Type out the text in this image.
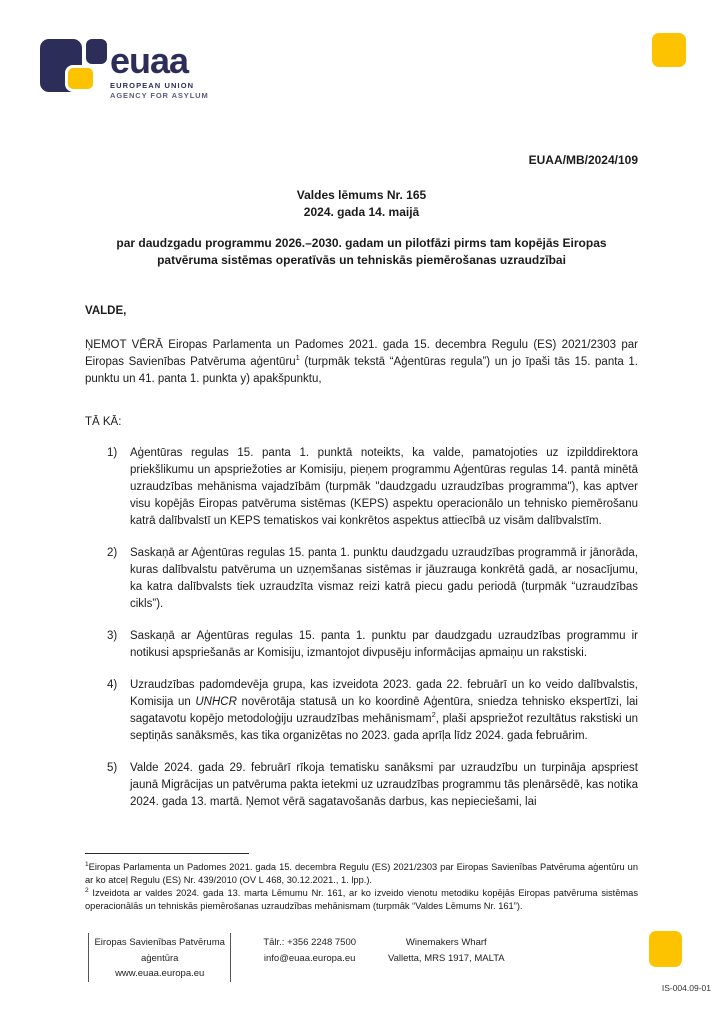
euaa
EUROPEAN UNION
AGENCY FOR ASYLUM

EUAA/MB/2024/109

Valdes lēmums Nr. 165
2024. gada 14. maijā

par daudzgadu programmu 2026.–2030. gadam un pilotfāzi pirms tam kopējās Eiropas patvēruma sistēmas operatīvās un tehniskās piemērošanas uzraudzībai

VALDE,

ŅEMOT VĒRĀ Eiropas Parlamenta un Padomes 2021. gada 15. decembra Regulu (ES) 2021/2303 par Eiropas Savienības Patvēruma aģentūru$^1$ (turpmāk tekstā “Aģentūras regula”) un jo īpaši tās 15. panta 1. punktu un 41. panta 1. punkta y) apakšpunktu,

TĀ KĀ:

1)	Aģentūras regulas 15. panta 1. punktā noteikts, ka valde, pamatojoties uz izpilddirektora priekšlikumu un apspriežoties ar Komisiju, pieņem programmu Aģentūras regulas 14. pantā minētā uzraudzības mehānisma vajadzībām (turpmāk "daudzgadu uzraudzības programma"), kas aptver visu kopējās Eiropas patvēruma sistēmas (KEPS) aspektu operacionālo un tehnisko piemērošanu katrā dalībvalstī un KEPS tematiskos vai konkrētos aspektus attiecībā uz visām dalībvalstīm.
2)	Saskaņā ar Aģentūras regulas 15. panta 1. punktu daudzgadu uzraudzības programmā ir jānorāda, kuras dalībvalstu patvēruma un uzņemšanas sistēmas ir jāuzrauga konkrētā gadā, ar nosacījumu, ka katra dalībvalsts tiek uzraudzīta vismaz reizi katrā piecu gadu periodā (turpmāk “uzraudzības cikls”).
3)	Saskaņā ar Aģentūras regulas 15. panta 1. punktu par daudzgadu uzraudzības programmu ir notikusi apspriešanās ar Komisiju, izmantojot divpusēju informācijas apmaiņu un rakstiski.
4)	Uzraudzības padomdevēja grupa, kas izveidota 2023. gada 22. februārī un ko veido dalībvalstis, Komisija un UNHCR novērotāja statusā un ko koordinē Aģentūra, sniedza tehnisko ekspertīzi, lai sagatavotu kopējo metodoloģiju uzraudzības mehānismam$^2$, plaši apspriežot rezultātus rakstiski un septiņās sanāksmēs, kas tika organizētas no 2023. gada aprīļa līdz 2024. gada februārim.
5)	Valde 2024. gada 29. februārī rīkoja tematisku sanāksmi par uzraudzību un turpināja apspriest jaunā Migrācijas un patvēruma pakta ietekmi uz uzraudzības programmu tās plenārsēdē, kas notika 2024. gada 13. martā. Ņemot vērā sagatavošanās darbus, kas nepieciešami, lai

$^1$Eiropas Parlamenta un Padomes 2021. gada 15. decembra Regulu (ES) 2021/2303 par Eiropas Savienības Patvēruma aģentūru un ar ko atceļ Regulu (ES) Nr. 439/2010 (OV L 468, 30.12.2021., 1. lpp.).

$^2$ Izveidota ar valdes 2024. gada 13. marta Lēmumu Nr. 161, ar ko izveido vienotu metodiku kopējās Eiropas patvēruma sistēmas operacionālās un tehniskās piemērošanas uzraudzības mehānismam (turpmāk “Valdes Lēmums Nr. 161”).

Eiropas Savienības Patvēruma aģentūra
www.euaa.europa.eu
Tālr.: +356 2248 7500
info@euaa.europa.eu
Winemakers Wharf
Valletta, MRS 1917, MALTA
IS-004.09-01
